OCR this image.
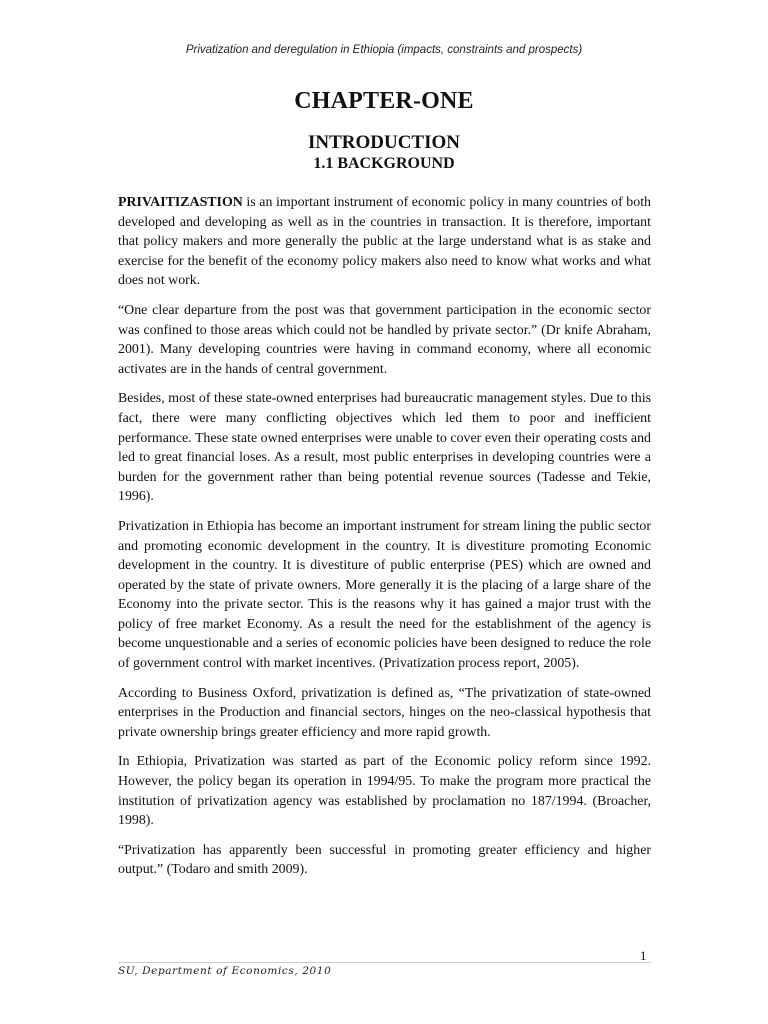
Privatization and deregulation in Ethiopia (impacts, constraints and prospects)
CHAPTER-ONE
INTRODUCTION
1.1 BACKGROUND

PRIVAITIZASTION is an important instrument of economic policy in many countries of both developed and developing as well as in the countries in transaction. It is therefore, important that policy makers and more generally the public at the large understand what is as stake and exercise for the benefit of the economy policy makers also need to know what works and what does not work.

“One clear departure from the post was that government participation in the economic sector was confined to those areas which could not be handled by private sector.” (Dr knife Abraham, 2001). Many developing countries were having in command economy, where all economic activates are in the hands of central government.

Besides, most of these state-owned enterprises had bureaucratic management styles. Due to this fact, there were many conflicting objectives which led them to poor and inefficient performance. These state owned enterprises were unable to cover even their operating costs and led to great financial loses. As a result, most public enterprises in developing countries were a burden for the government rather than being potential revenue sources (Tadesse and Tekie, 1996).

Privatization in Ethiopia has become an important instrument for stream lining the public sector and promoting economic development in the country. It is divestiture promoting Economic development in the country. It is divestiture of public enterprise (PES) which are owned and operated by the state of private owners. More generally it is the placing of a large share of the Economy into the private sector. This is the reasons why it has gained a major trust with the policy of free market Economy. As a result the need for the establishment of the agency is become unquestionable and a series of economic policies have been designed to reduce the role of government control with market incentives. (Privatization process report, 2005).

According to Business Oxford, privatization is defined as, “The privatization of state-owned enterprises in the Production and financial sectors, hinges on the neo-classical hypothesis that private ownership brings greater efficiency and more rapid growth.

In Ethiopia, Privatization was started as part of the Economic policy reform since 1992. However, the policy began its operation in 1994/95. To make the program more practical the institution of privatization agency was established by proclamation no 187/1994. (Broacher, 1998).

“Privatization has apparently been successful in promoting greater efficiency and higher output.” (Todaro and smith 2009).

1
SU, Department of Economics, 2010
